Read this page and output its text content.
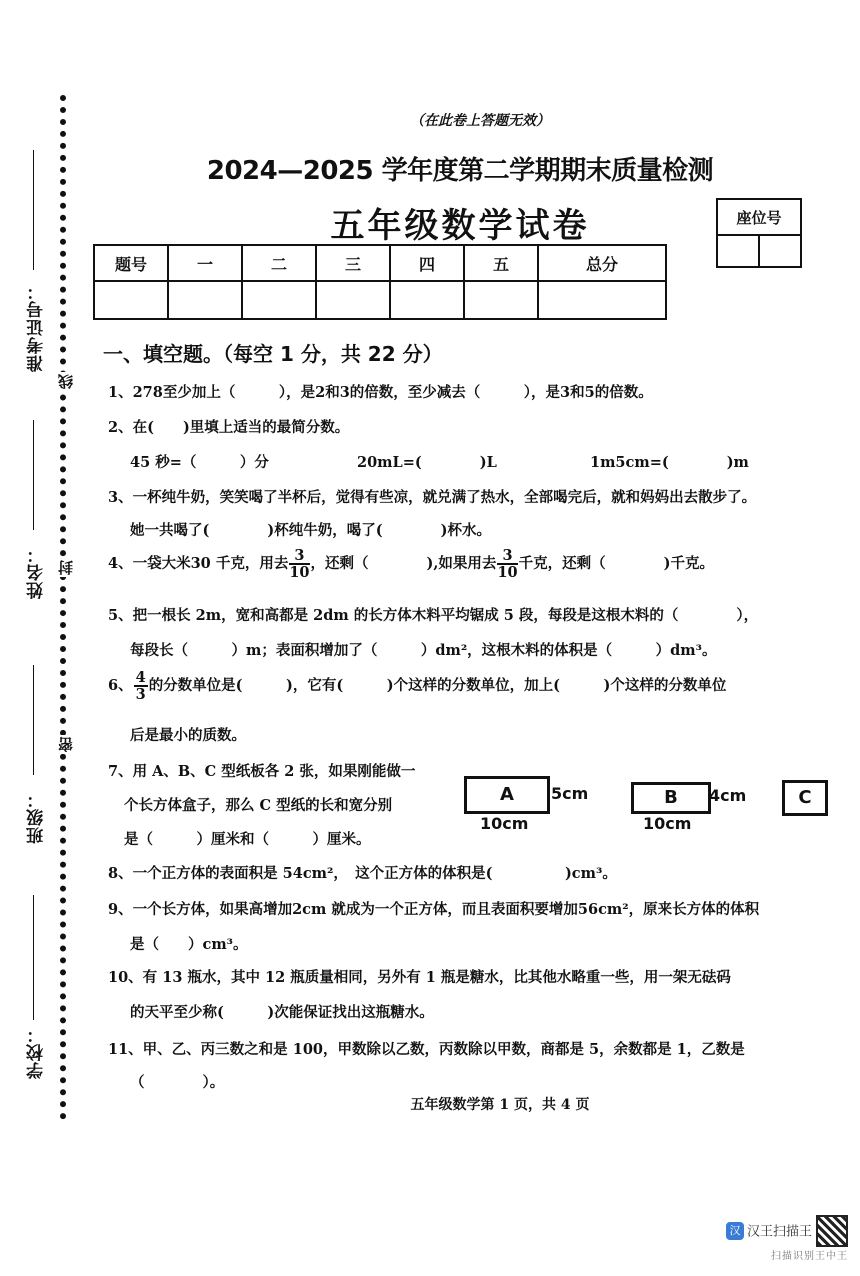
准考证号：
姓名：
班级：
学校：
线
封
密
（在此卷上答题无效）
2024—2025 学年度第二学期期末质量检测
五年级数学试卷	座位号

题号	一	二	三	四	五	总分

一、填空题。（每空 1 分，共 22 分）
1、278至少加上（　　　），是2和3的倍数，至少减去（　　　），是3和5的倍数。
2、在(　　)里填上适当的最简分数。
45 秒=（　　　）分	20mL=(　　　　)L	1m5cm=(　　　　)m
3、一杯纯牛奶，笑笑喝了半杯后，觉得有些凉，就兑满了热水，全部喝完后，就和妈妈出去散步了。
她一共喝了(　　　　)杯纯牛奶，喝了(　　　　)杯水。
4、一袋大米30 千克，用去 $\frac{3}{10}$ ，还剩（　　　　),如果用去 $\frac{3}{10}$ 千克，还剩（　　　　)千克。
5、把一根长 2m，宽和高都是 2dm 的长方体木料平均锯成 5 段，每段是这根木料的（　　　　），
每段长（　　　）m；表面积增加了（　　　）dm²，这根木料的体积是（　　　）dm³。
6、 $\frac{4}{3}$ 的分数单位是(　　　)，它有(　　　)个这样的分数单位，加上(　　　)个这样的分数单位
后是最小的质数。
7、用 A、B、C 型纸板各 2 张，如果刚能做一
个长方体盒子，那么 C 型纸的长和宽分别
是（　　　）厘米和（　　　）厘米。
A	5cm
10cm
B	4cm
10cm
C
8、一个正方体的表面积是 54cm²，　这个正方体的体积是(　　　　　)cm³。
9、一个长方体，如果高增加2cm 就成为一个正方体，而且表面积要增加56cm²，原来长方体的体积
是（　　）cm³。
10、有 13 瓶水，其中 12 瓶质量相同，另外有 1 瓶是糖水，比其他水略重一些，用一架无砝码
的天平至少称(　　　)次能保证找出这瓶糖水。
11、甲、乙、丙三数之和是 100，甲数除以乙数，丙数除以甲数，商都是 5，余数都是 1，乙数是
（　　　　）。
五年级数学第 1 页，共 4 页
汉 汉王扫描王
扫描识别王中王
